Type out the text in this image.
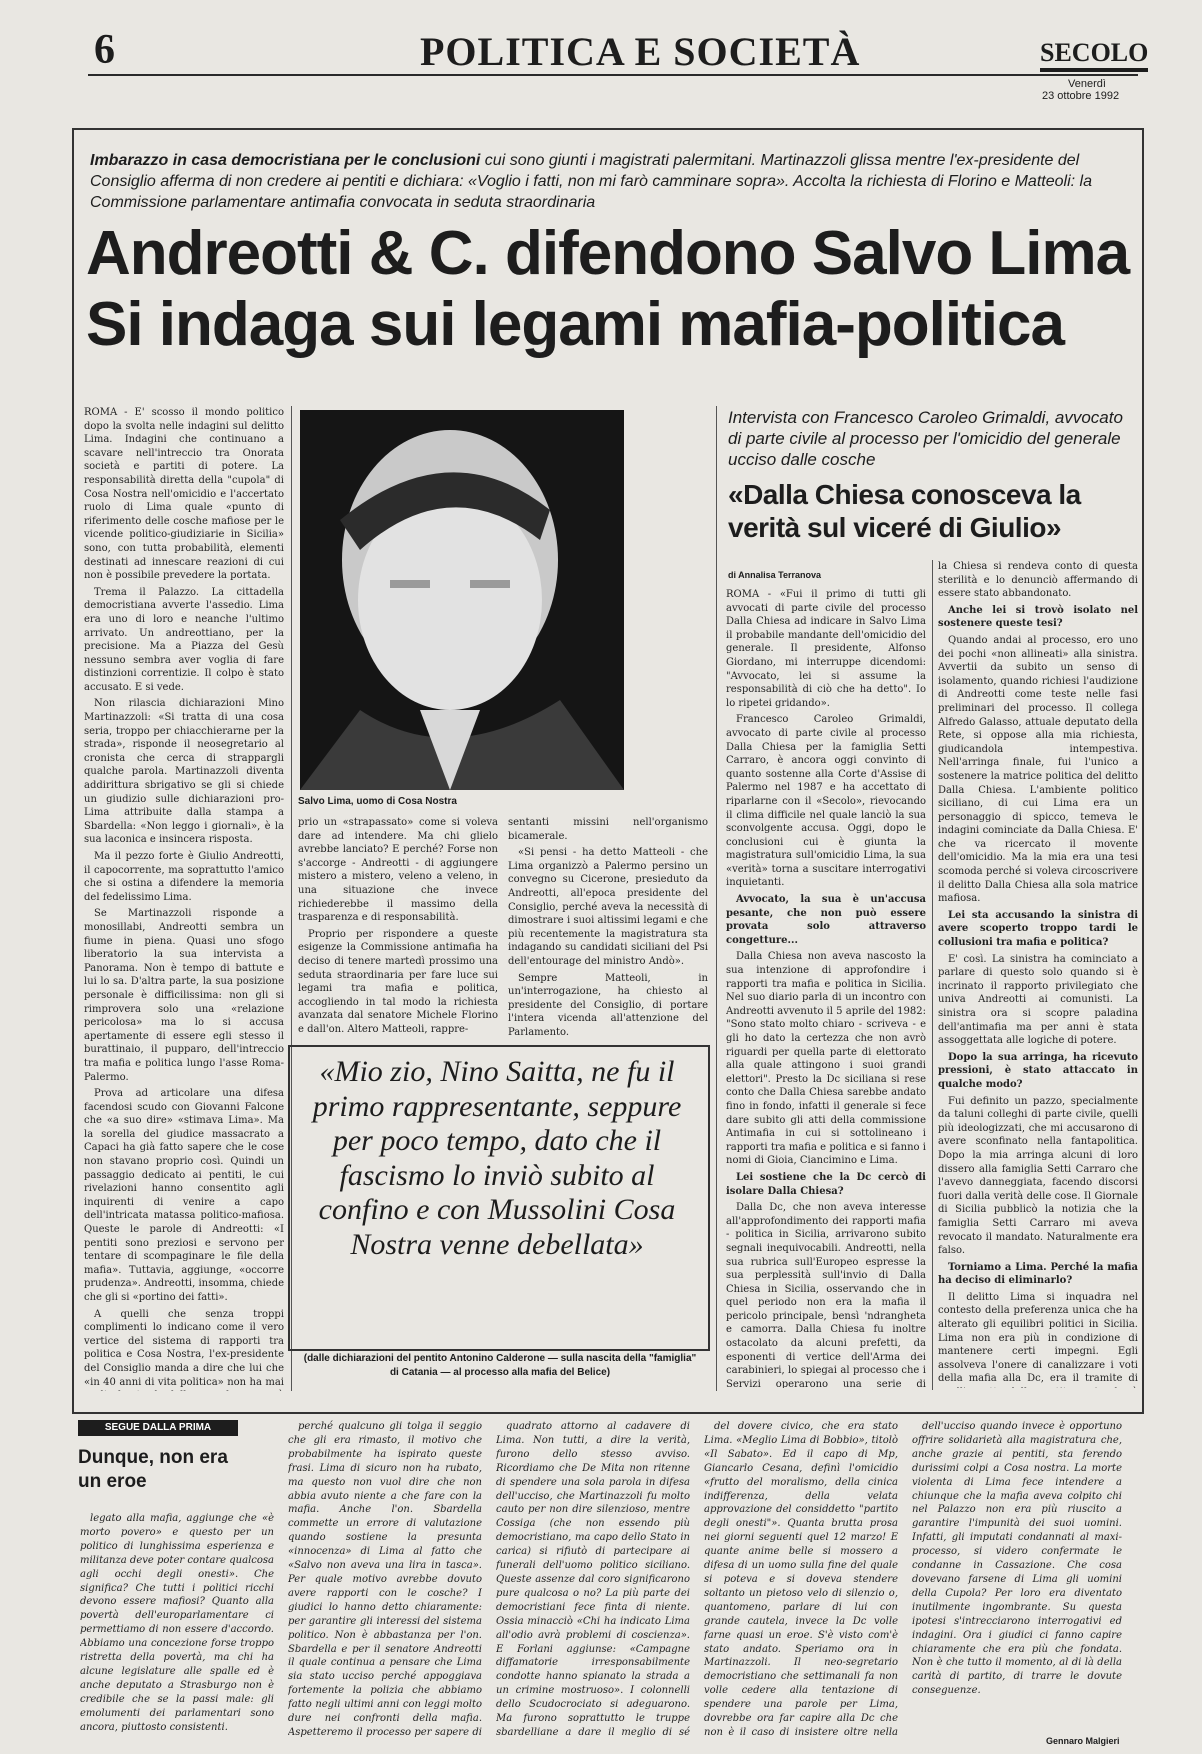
6	POLITICA E SOCIETÀ	SECOLO
Venerdì
23 ottobre 1992
Imbarazzo in casa democristiana per le conclusioni cui sono giunti i magistrati palermitani. Martinazzoli glissa mentre l'ex-presidente del Consiglio afferma di non credere ai pentiti e dichiara: «Voglio i fatti, non mi farò camminare sopra». Accolta la richiesta di Florino e Matteoli: la Commissione parlamentare antimafia convocata in seduta straordinaria
Andreotti & C. difendono Salvo Lima
Si indaga sui legami mafia-politica

ROMA - E' scosso il mondo politico dopo la svolta nelle indagini sul delitto Lima. Indagini che continuano a scavare nell'intreccio tra Onorata società e partiti di potere. La responsabilità diretta della "cupola" di Cosa Nostra nell'omicidio e l'accertato ruolo di Lima quale «punto di riferimento delle cosche mafiose per le vicende politico-giudiziarie in Sicilia» sono, con tutta probabilità, elementi destinati ad innescare reazioni di cui non è possibile prevedere la portata.

Trema il Palazzo. La cittadella democristiana avverte l'assedio. Lima era uno di loro e neanche l'ultimo arrivato. Un andreottiano, per la precisione. Ma a Piazza del Gesù nessuno sembra aver voglia di fare distinzioni correntizie. Il colpo è stato accusato. E si vede.

Non rilascia dichiarazioni Mino Martinazzoli: «Si tratta di una cosa seria, troppo per chiacchierarne per la strada», risponde il neosegretario al cronista che cerca di strappargli qualche parola. Martinazzoli diventa addirittura sbrigativo se gli si chiede un giudizio sulle dichiarazioni pro-Lima attribuite dalla stampa a Sbardella: «Non leggo i giornali», è la sua laconica e insincera risposta.

Ma il pezzo forte è Giulio Andreotti, il capocorrente, ma soprattutto l'amico che si ostina a difendere la memoria del fedelissimo Lima.

Se Martinazzoli risponde a monosillabi, Andreotti sembra un fiume in piena. Quasi uno sfogo liberatorio la sua intervista a Panorama. Non è tempo di battute e lui lo sa. D'altra parte, la sua posizione personale è difficilissima: non gli si rimprovera solo una «relazione pericolosa» ma lo si accusa apertamente di essere egli stesso il burattinaio, il pupparo, dell'intreccio tra mafia e politica lungo l'asse Roma-Palermo.

Prova ad articolare una difesa facendosi scudo con Giovanni Falcone che «a suo dire» «stimava Lima». Ma la sorella del giudice massacrato a Capaci ha già fatto sapere che le cose non stavano proprio così. Quindi un passaggio dedicato ai pentiti, le cui rivelazioni hanno consentito agli inquirenti di venire a capo dell'intricata matassa politico-mafiosa. Queste le parole di Andreotti: «I pentiti sono preziosi e servono per tentare di scompaginare le file della mafia». Tuttavia, aggiunge, «occorre prudenza». Andreotti, insomma, chiede che gli si «portino dei fatti».

A quelli che senza troppi complimenti lo indicano come il vero vertice del sistema di rapporti tra politica e Cosa Nostra, l'ex-presidente del Consiglio manda a dire che lui che «in 40 anni di vita politica» non ha mai

Salvo Lima, uomo di Cosa Nostra

prio un «strapassato» come si voleva dare ad intendere. Ma chi glielo avrebbe lanciato? E perché? Forse non s'accorge - Andreotti - di aggiungere mistero a mistero, veleno a veleno, in una situazione che invece richiederebbe il massimo della trasparenza e di responsabilità.

Proprio per rispondere a queste esigenze la Commissione antimafia ha deciso di tenere martedì prossimo una seduta straordinaria per fare luce sui legami tra mafia e politica, accogliendo in tal modo la richiesta avanzata dal senatore Michele Florino e dall'on. Altero Matteoli, rappre-

sentanti missini nell'organismo bicamerale.

«Si pensi - ha detto Matteoli - che Lima organizzò a Palermo persino un convegno su Cicerone, presieduto da Andreotti, all'epoca presidente del Consiglio, perché aveva la necessità di dimostrare i suoi altissimi legami e che più recentemente la magistratura sta indagando su candidati siciliani del Psi dell'entourage del ministro Andò».

Sempre Matteoli, in un'interrogazione, ha chiesto al presidente del Consiglio, di portare l'intera vicenda all'attenzione del Parlamento.

«Mio zio, Nino Saitta, ne fu il primo rappresentante, seppure per poco tempo, dato che il fascismo lo inviò subito al confino e con Mussolini Cosa Nostra venne debellata»
(dalle dichiarazioni del pentito Antonino Calderone — sulla nascita della "famiglia" di Catania — al processo alla mafia del Belice)
Intervista con Francesco Caroleo Grimaldi, avvocato di parte civile al processo per l'omicidio del generale ucciso dalle cosche
«Dalla Chiesa conosceva la verità sul viceré di Giulio»
di Annalisa Terranova

ROMA - «Fui il primo di tutti gli avvocati di parte civile del processo Dalla Chiesa ad indicare in Salvo Lima il probabile mandante dell'omicidio del generale. Il presidente, Alfonso Giordano, mi interruppe dicendomi: "Avvocato, lei si assume la responsabilità di ciò che ha detto". Io lo ripetei gridando».

Francesco Caroleo Grimaldi, avvocato di parte civile al processo Dalla Chiesa per la famiglia Setti Carraro, è ancora oggi convinto di quanto sostenne alla Corte d'Assise di Palermo nel 1987 e ha accettato di riparlarne con il «Secolo», rievocando il clima difficile nel quale lanciò la sua sconvolgente accusa. Oggi, dopo le conclusioni cui è giunta la magistratura sull'omicidio Lima, la sua «verità» torna a suscitare interrogativi inquietanti.

Avvocato, la sua è un'accusa pesante, che non può essere provata solo attraverso congetture...

Dalla Chiesa non aveva nascosto la sua intenzione di approfondire i rapporti tra mafia e politica in Sicilia. Nel suo diario parla di un incontro con Andreotti avvenuto il 5 aprile del 1982: "Sono stato molto chiaro - scriveva - e gli ho dato la certezza che non avrò riguardi per quella parte di elettorato alla quale attingono i suoi grandi elettori". Presto la Dc siciliana si rese conto che Dalla Chiesa sarebbe andato fino in fondo, infatti il generale si fece dare subito gli atti della commissione Antimafia in cui si sottolineano i rapporti tra mafia e politica e si fanno i nomi di Gioia, Ciancimino e Lima.

Lei sostiene che la Dc cercò di isolare Dalla Chiesa?

Dalla Dc, che non aveva interesse all'approfondimento dei rapporti mafia - politica in Sicilia, arrivarono subito segnali inequivocabili. Andreotti, nella sua rubrica sull'Europeo espresse la sua perplessità sull'invio di Dalla Chiesa in Sicilia, osservando che in quel periodo non era la mafia il pericolo principale, bensì 'ndrangheta e camorra. Dalla Chiesa fu inoltre ostacolato da alcuni prefetti, da esponenti di vertice dell'Arma dei carabinieri, lo spiegai al processo che i Servizi operarono una serie di

la Chiesa si rendeva conto di questa sterilità e lo denunciò affermando di essere stato abbandonato.

Anche lei si trovò isolato nel sostenere queste tesi?

Quando andai al processo, ero uno dei pochi «non allineati» alla sinistra. Avvertii da subito un senso di isolamento, quando richiesi l'audizione di Andreotti come teste nelle fasi preliminari del processo. Il collega Alfredo Galasso, attuale deputato della Rete, si oppose alla mia richiesta, giudicandola intempestiva. Nell'arringa finale, fui l'unico a sostenere la matrice politica del delitto Dalla Chiesa. L'ambiente politico siciliano, di cui Lima era un personaggio di spicco, temeva le indagini cominciate da Dalla Chiesa. E' che va ricercato il movente dell'omicidio. Ma la mia era una tesi scomoda perché si voleva circoscrivere il delitto Dalla Chiesa alla sola matrice mafiosa.

Lei sta accusando la sinistra di avere scoperto troppo tardi le collusioni tra mafia e politica?

E' così. La sinistra ha cominciato a parlare di questo solo quando si è incrinato il rapporto privilegiato che univa Andreotti ai comunisti. La sinistra ora si scopre paladina dell'antimafia ma per anni è stata assoggettata alle logiche di potere.

Dopo la sua arringa, ha ricevuto pressioni, è stato attaccato in qualche modo?

Fui definito un pazzo, specialmente da taluni colleghi di parte civile, quelli più ideologizzati, che mi accusarono di avere sconfinato nella fantapolitica. Dopo la mia arringa alcuni di loro dissero alla famiglia Setti Carraro che l'avevo danneggiata, facendo discorsi fuori dalla verità delle cose. Il Giornale di Sicilia pubblicò la notizia che la famiglia Setti Carraro mi aveva revocato il mandato. Naturalmente era falso.

Torniamo a Lima. Perché la mafia ha deciso di eliminarlo?

Il delitto Lima si inquadra nel contesto della preferenza unica che ha alterato gli equilibri politici in Sicilia. Lima non era più in condizione di mantenere certi impegni. Egli assolveva l'onere di canalizzare i voti della mafia alla Dc, era il tramite di

SEGUE DALLA PRIMA
Dunque, non era un eroe

legato alla mafia, aggiunge che «è morto povero» e questo per un politico di lunghissima esperienza e militanza deve poter contare qualcosa agli occhi degli onesti». Che significa? Che tutti i politici ricchi devono essere mafiosi? Quanto alla povertà dell'europarlamentare ci permettiamo di non essere d'accordo. Abbiamo una concezione forse troppo ristretta della povertà, ma chi ha alcune legislature alle spalle ed è anche deputato a Strasburgo non è credibile che se la passi male: gli emolumenti dei parlamentari sono ancora, piuttosto consistenti.

perché qualcuno gli tolga il seggio che gli era rimasto, il motivo che probabilmente ha ispirato queste frasi. Lima di sicuro non ha rubato, ma questo non vuol dire che non abbia avuto niente a che fare con la mafia. Anche l'on. Sbardella commette un errore di valutazione quando sostiene la presunta «innocenza» di Lima al fatto che «Salvo non aveva una lira in tasca». Per quale motivo avrebbe dovuto avere rapporti con le cosche? I giudici lo hanno detto chiaramente: per garantire gli interessi del sistema politico. Non è abbastanza per l'on. Sbardella e per il senatore Andreotti il quale continua a pensare che Lima sia stato ucciso perché appoggiava fortemente la polizia che abbiamo fatto negli ultimi anni con leggi molto dure nei confronti della mafia. Aspetteremo il processo per sapere di

quadrato attorno al cadavere di Lima. Non tutti, a dire la verità, furono dello stesso avviso. Ricordiamo che De Mita non ritenne di spendere una sola parola in difesa dell'ucciso, che Martinazzoli fu molto cauto per non dire silenzioso, mentre Cossiga (che non essendo più democristiano, ma capo dello Stato in carica) si rifiutò di partecipare ai funerali dell'uomo politico siciliano. Queste assenze dal coro significarono pure qualcosa o no? La più parte dei democristiani fece finta di niente. Ossia minacciò «Chi ha indicato Lima all'odio avrà problemi di coscienza». E Forlani aggiunse: «Campagne diffamatorie irresponsabilmente condotte hanno spianato la strada a un crimine mostruoso». I colonnelli dello Scudocrociato si adeguarono. Ma furono soprattutto le truppe sbardelliane a dare il meglio di sé

del dovere civico, che era stato Lima. «Meglio Lima di Bobbio», titolò «Il Sabato». Ed il capo di Mp, Giancarlo Cesana, definì l'omicidio «frutto del moralismo, della cinica indifferenza, della velata approvazione del considdetto "partito degli onesti"». Quanta brutta prosa nei giorni seguenti quel 12 marzo! E quante anime belle si mossero a difesa di un uomo sulla fine del quale si poteva e si doveva stendere soltanto un pietoso velo di silenzio o, quantomeno, parlare di lui con grande cautela, invece la Dc volle farne quasi un eroe. S'è visto com'è stato andato. Speriamo ora in Martinazzoli. Il neo-segretario democristiano che settimanali fa non volle cedere alla tentazione di spendere una parole per Lima, dovrebbe ora far capire alla Dc che non è il caso di insistere oltre nella

dell'ucciso quando invece è opportuno offrire solidarietà alla magistratura che, anche grazie ai pentiti, sta ferendo durissimi colpi a Cosa nostra. La morte violenta di Lima fece intendere a chiunque che la mafia aveva colpito chi nel Palazzo non era più riuscito a garantire l'impunità dei suoi uomini. Infatti, gli imputati condannati al maxi-processo, si videro confermate le condanne in Cassazione. Che cosa dovevano farsene di Lima gli uomini della Cupola? Per loro era diventato inutilmente ingombrante. Su questa ipotesi s'intrecciarono interrogativi ed indagini. Ora i giudici ci fanno capire chiaramente che era più che fondata. Non è che tutto il momento, al di là della carità di partito, di trarre le dovute conseguenze.

Gennaro Malgieri
